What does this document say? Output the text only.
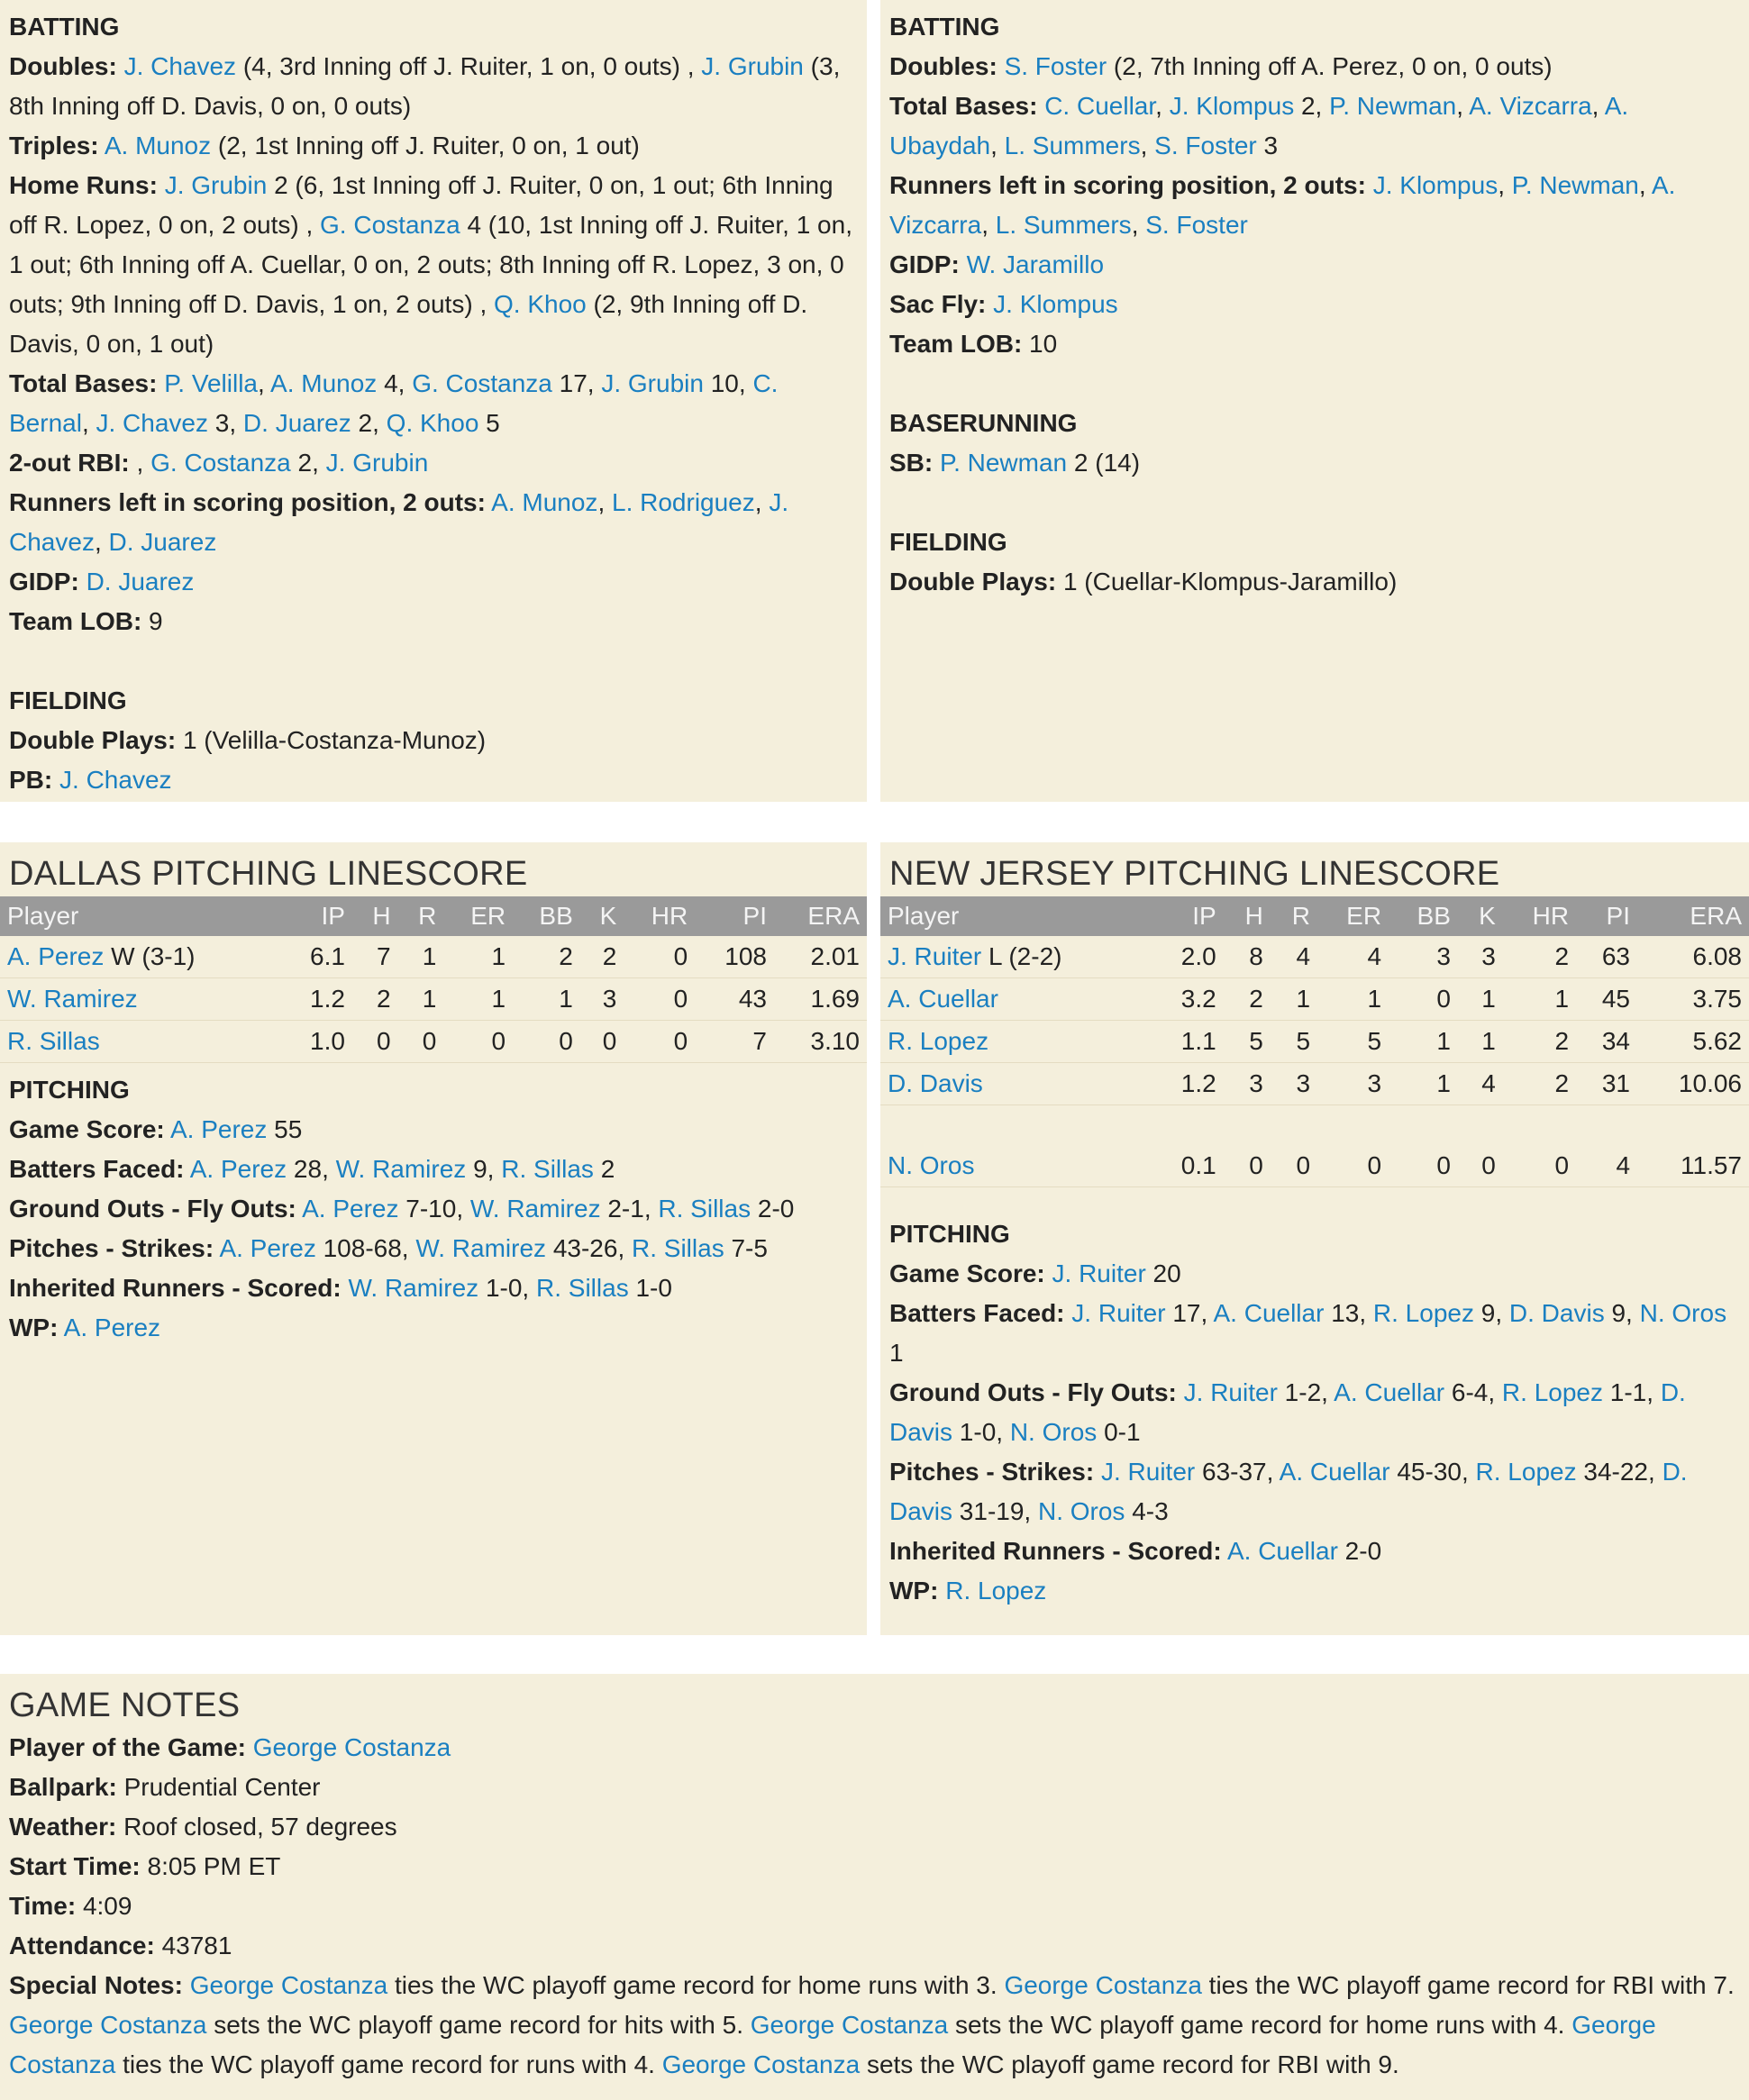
BATTING
Doubles: J. Chavez (4, 3rd Inning off J. Ruiter, 1 on, 0 outs) , J. Grubin (3, 8th Inning off D. Davis, 0 on, 0 outs)
Triples: A. Munoz (2, 1st Inning off J. Ruiter, 0 on, 1 out)
Home Runs: J. Grubin 2 (6, 1st Inning off J. Ruiter, 0 on, 1 out; 6th Inning off R. Lopez, 0 on, 2 outs) , G. Costanza 4 (10, 1st Inning off J. Ruiter, 1 on, 1 out; 6th Inning off A. Cuellar, 0 on, 2 outs; 8th Inning off R. Lopez, 3 on, 0 outs; 9th Inning off D. Davis, 1 on, 2 outs) , Q. Khoo (2, 9th Inning off D. Davis, 0 on, 1 out)
Total Bases: P. Velilla, A. Munoz 4, G. Costanza 17, J. Grubin 10, C. Bernal, J. Chavez 3, D. Juarez 2, Q. Khoo 5
2-out RBI: , G. Costanza 2, J. Grubin
Runners left in scoring position, 2 outs: A. Munoz, L. Rodriguez, J. Chavez, D. Juarez
GIDP: D. Juarez
Team LOB: 9
FIELDING
Double Plays: 1 (Velilla-Costanza-Munoz)
PB: J. Chavez
BATTING
Doubles: S. Foster (2, 7th Inning off A. Perez, 0 on, 0 outs)
Total Bases: C. Cuellar, J. Klompus 2, P. Newman, A. Vizcarra, A. Ubaydah, L. Summers, S. Foster 3
Runners left in scoring position, 2 outs: J. Klompus, P. Newman, A. Vizcarra, L. Summers, S. Foster
GIDP: W. Jaramillo
Sac Fly: J. Klompus
Team LOB: 10
BASERUNNING
SB: P. Newman 2 (14)
FIELDING
Double Plays: 1 (Cuellar-Klompus-Jaramillo)
DALLAS PITCHING LINESCORE
Player	IP	H	R	ER	BB	K	HR	PI	ERA
A. Perez W (3-1)	6.1	7	1	1	2	2	0	108	2.01
W. Ramirez	1.2	2	1	1	1	3	0	43	1.69
R. Sillas	1.0	0	0	0	0	0	0	7	3.10
PITCHING
Game Score: A. Perez 55
Batters Faced: A. Perez 28, W. Ramirez 9, R. Sillas 2
Ground Outs - Fly Outs: A. Perez 7-10, W. Ramirez 2-1, R. Sillas 2-0
Pitches - Strikes: A. Perez 108-68, W. Ramirez 43-26, R. Sillas 7-5
Inherited Runners - Scored: W. Ramirez 1-0, R. Sillas 1-0
WP: A. Perez
NEW JERSEY PITCHING LINESCORE
Player	IP	H	R	ER	BB	K	HR	PI	ERA
J. Ruiter L (2-2)	2.0	8	4	4	3	3	2	63	6.08
A. Cuellar	3.2	2	1	1	0	1	1	45	3.75
R. Lopez	1.1	5	5	5	1	1	2	34	5.62
D. Davis	1.2	3	3	3	1	4	2	31	10.06

N. Oros	0.1	0	0	0	0	0	0	4	11.57
PITCHING
Game Score: J. Ruiter 20
Batters Faced: J. Ruiter 17, A. Cuellar 13, R. Lopez 9, D. Davis 9, N. Oros 1
Ground Outs - Fly Outs: J. Ruiter 1-2, A. Cuellar 6-4, R. Lopez 1-1, D. Davis 1-0, N. Oros 0-1
Pitches - Strikes: J. Ruiter 63-37, A. Cuellar 45-30, R. Lopez 34-22, D. Davis 31-19, N. Oros 4-3
Inherited Runners - Scored: A. Cuellar 2-0
WP: R. Lopez
GAME NOTES
Player of the Game: George Costanza
Ballpark: Prudential Center
Weather: Roof closed, 57 degrees
Start Time: 8:05 PM ET
Time: 4:09
Attendance: 43781
Special Notes: George Costanza ties the WC playoff game record for home runs with 3. George Costanza ties the WC playoff game record for RBI with 7. George Costanza sets the WC playoff game record for hits with 5. George Costanza sets the WC playoff game record for home runs with 4. George Costanza ties the WC playoff game record for runs with 4. George Costanza sets the WC playoff game record for RBI with 9.
